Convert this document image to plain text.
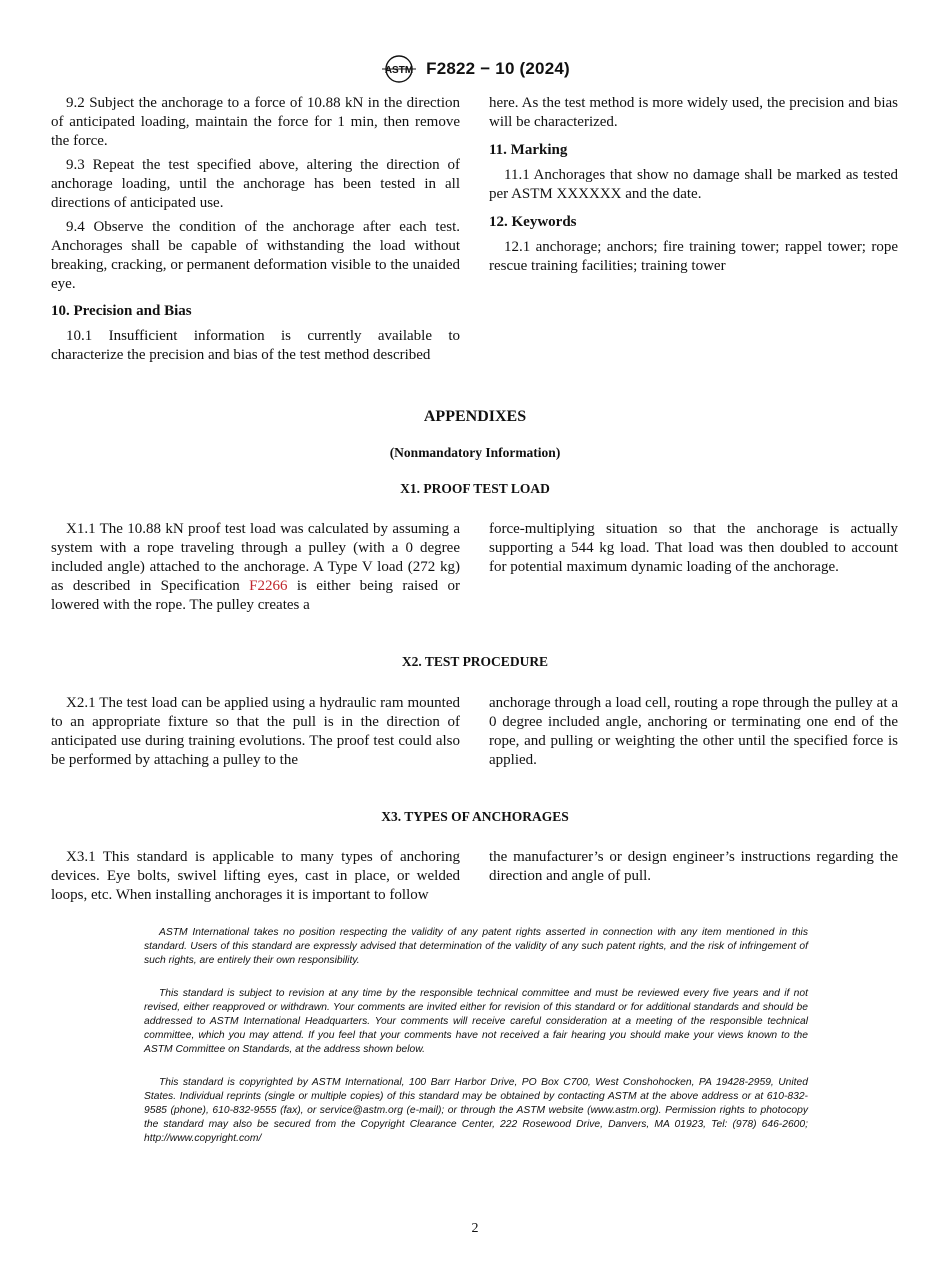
ASTM F2822 − 10 (2024)

9.2 Subject the anchorage to a force of 10.88 kN in the direction of anticipated loading, maintain the force for 1 min, then remove the force.

9.3 Repeat the test specified above, altering the direction of anchorage loading, until the anchorage has been tested in all directions of anticipated use.

9.4 Observe the condition of the anchorage after each test. Anchorages shall be capable of withstanding the load without breaking, cracking, or permanent deformation visible to the unaided eye.

10. Precision and Bias

10.1 Insufficient information is currently available to characterize the precision and bias of the test method described

here. As the test method is more widely used, the precision and bias will be characterized.

11. Marking

11.1 Anchorages that show no damage shall be marked as tested per ASTM XXXXXX and the date.

12. Keywords

12.1 anchorage; anchors; fire training tower; rappel tower; rope rescue training facilities; training tower

APPENDIXES
(Nonmandatory Information)
X1. PROOF TEST LOAD

X1.1 The 10.88 kN proof test load was calculated by assuming a system with a rope traveling through a pulley (with a 0 degree included angle) attached to the anchorage. A Type V load (272 kg) as described in Specification F2266 is either being raised or lowered with the rope. The pulley creates a

force-multiplying situation so that the anchorage is actually supporting a 544 kg load. That load was then doubled to account for potential maximum dynamic loading of the anchorage.

X2. TEST PROCEDURE

X2.1 The test load can be applied using a hydraulic ram mounted to an appropriate fixture so that the pull is in the direction of anticipated use during training evolutions. The proof test could also be performed by attaching a pulley to the

anchorage through a load cell, routing a rope through the pulley at a 0 degree included angle, anchoring or terminating one end of the rope, and pulling or weighting the other until the specified force is applied.

X3. TYPES OF ANCHORAGES

X3.1 This standard is applicable to many types of anchoring devices. Eye bolts, swivel lifting eyes, cast in place, or welded loops, etc. When installing anchorages it is important to follow

the manufacturer’s or design engineer’s instructions regarding the direction and angle of pull.

ASTM International takes no position respecting the validity of any patent rights asserted in connection with any item mentioned in this standard. Users of this standard are expressly advised that determination of the validity of any such patent rights, and the risk of infringement of such rights, are entirely their own responsibility.

This standard is subject to revision at any time by the responsible technical committee and must be reviewed every five years and if not revised, either reapproved or withdrawn. Your comments are invited either for revision of this standard or for additional standards and should be addressed to ASTM International Headquarters. Your comments will receive careful consideration at a meeting of the responsible technical committee, which you may attend. If you feel that your comments have not received a fair hearing you should make your views known to the ASTM Committee on Standards, at the address shown below.

This standard is copyrighted by ASTM International, 100 Barr Harbor Drive, PO Box C700, West Conshohocken, PA 19428-2959, United States. Individual reprints (single or multiple copies) of this standard may be obtained by contacting ASTM at the above address or at 610-832-9585 (phone), 610-832-9555 (fax), or service@astm.org (e-mail); or through the ASTM website (www.astm.org). Permission rights to photocopy the standard may also be secured from the Copyright Clearance Center, 222 Rosewood Drive, Danvers, MA 01923, Tel: (978) 646-2600; http://www.copyright.com/

2
